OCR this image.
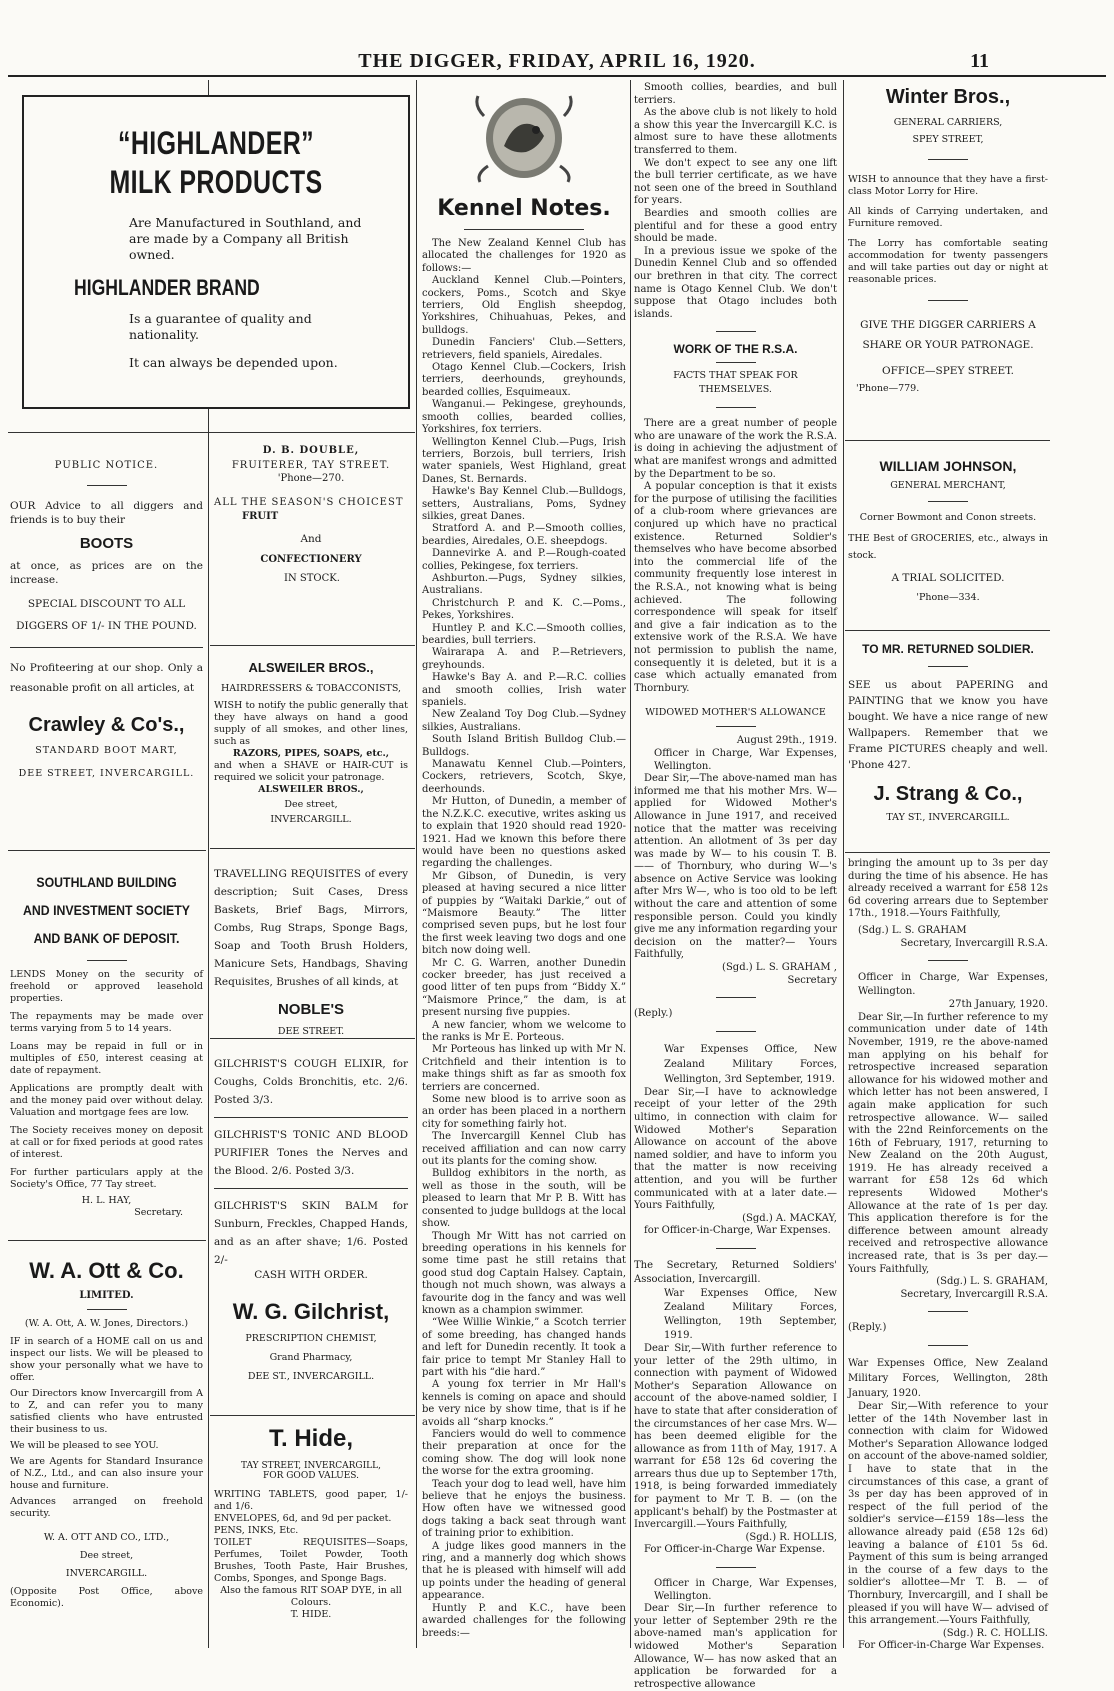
THE DIGGER, FRIDAY, APRIL 16, 1920.	11
“HIGHLANDER”
MILK PRODUCTS
Are Manufactured in Southland, and are made by a Company all British owned.
HIGHLANDER BRAND
Is a guarantee of quality and nationality.
It can always be depended upon.

PUBLIC NOTICE.

OUR Advice to all diggers and friends is to buy their

BOOTS

at once, as prices are on the increase.

SPECIAL DISCOUNT TO ALL DIGGERS OF 1/- IN THE POUND.

No Profiteering at our shop. Only a reasonable profit on all articles, at

Crawley & Co's.,

STANDARD BOOT MART,

DEE STREET, INVERCARGILL.

SOUTHLAND BUILDING AND INVESTMENT SOCIETY AND BANK OF DEPOSIT.

LENDS Money on the security of freehold or approved leasehold properties.

The repayments may be made over terms varying from 5 to 14 years.

Loans may be repaid in full or in multiples of £50, interest ceasing at date of repayment.

Applications are promptly dealt with and the money paid over without delay. Valuation and mortgage fees are low.

The Society receives money on deposit at call or for fixed periods at good rates of interest.

For further particulars apply at the Society's Office, 77 Tay street.

H. L. HAY,

Secretary.

W. A. Ott & Co.

LIMITED.

(W. A. Ott, A. W. Jones, Directors.)

IF in search of a HOME call on us and inspect our lists. We will be pleased to show your personally what we have to offer.

Our Directors know Invercargill from A to Z, and can refer you to many satisfied clients who have entrusted their business to us.

We will be pleased to see YOU.

We are Agents for Standard Insurance of N.Z., Ltd., and can also insure your house and furniture.

Advances arranged on freehold security.

W. A. OTT AND CO., LTD.,

Dee street,

INVERCARGILL.

(Opposite Post Office, above Economic).

D. B. DOUBLE,

FRUITERER, TAY STREET.

'Phone—270.

ALL THE SEASON'S CHOICEST

FRUIT

And

CONFECTIONERY

IN STOCK.

ALSWEILER BROS.,

HAIRDRESSERS & TOBACCONISTS,

WISH to notify the public generally that they have always on hand a good supply of all smokes, and other lines, such as

RAZORS, PIPES, SOAPS, etc.,

and when a SHAVE or HAIR-CUT is required we solicit your patronage.

ALSWEILER BROS.,

Dee street,

INVERCARGILL.

TRAVELLING REQUISITES of every description; Suit Cases, Dress Baskets, Brief Bags, Mirrors, Combs, Rug Straps, Sponge Bags, Soap and Tooth Brush Holders, Manicure Sets, Handbags, Shaving Requisites, Brushes of all kinds, at

NOBLE'S

DEE STREET.

GILCHRIST'S COUGH ELIXIR, for Coughs, Colds Bronchitis, etc. 2/6. Posted 3/3.

GILCHRIST'S TONIC AND BLOOD PURIFIER Tones the Nerves and the Blood. 2/6. Posted 3/3.

GILCHRIST'S SKIN BALM for Sunburn, Freckles, Chapped Hands, and as an after shave; 1/6. Posted 2/-

CASH WITH ORDER.

W. G. Gilchrist,

PRESCRIPTION CHEMIST,

Grand Pharmacy,

DEE ST., INVERCARGILL.

T. Hide,

TAY STREET, INVERCARGILL,

FOR GOOD VALUES.

WRITING TABLETS, good paper, 1/- and 1/6.

ENVELOPES, 6d, and 9d per packet.

PENS, INKS, Etc.

TOILET REQUISITES—Soaps, Perfumes, Toilet Powder, Tooth Brushes, Tooth Paste, Hair Brushes, Combs, Sponges, and Sponge Bags.

Also the famous RIT SOAP DYE, in all Colours.

T. HIDE.

Kennel Notes.

The New Zealand Kennel Club has allocated the challenges for 1920 as follows:—

Auckland Kennel Club.—Pointers, cockers, Poms., Scotch and Skye terriers, Old English sheepdog, Yorkshires, Chihuahuas, Pekes, and bulldogs.

Dunedin Fanciers' Club.—Setters, retrievers, field spaniels, Airedales.

Otago Kennel Club.—Cockers, Irish terriers, deerhounds, greyhounds, bearded collies, Esquimeaux.

Wanganui.— Pekingese, greyhounds, smooth collies, bearded collies, Yorkshires, fox terriers.

Wellington Kennel Club.—Pugs, Irish terriers, Borzois, bull terriers, Irish water spaniels, West Highland, great Danes, St. Bernards.

Hawke's Bay Kennel Club.—Bulldogs, setters, Australians, Poms, Sydney silkies, great Danes.

Stratford A. and P.—Smooth collies, beardies, Airedales, O.E. sheepdogs.

Dannevirke A. and P.—Rough-coated collies, Pekingese, fox terriers.

Ashburton.—Pugs, Sydney silkies, Australians.

Christchurch P. and K. C.—Poms., Pekes, Yorkshires.

Huntley P. and K.C.—Smooth collies, beardies, bull terriers.

Wairarapa A. and P.—Retrievers, greyhounds.

Hawke's Bay A. and P.—R.C. collies and smooth collies, Irish water spaniels.

New Zealand Toy Dog Club.—Sydney silkies, Australians.

South Island British Bulldog Club.—Bulldogs.

Manawatu Kennel Club.—Pointers, Cockers, retrievers, Scotch, Skye, deerhounds.

Mr Hutton, of Dunedin, a member of the N.Z.K.C. executive, writes asking us to explain that 1920 should read 1920-1921. Had we known this before there would have been no questions asked regarding the challenges.

Mr Gibson, of Dunedin, is very pleased at having secured a nice litter of puppies by “Waitaki Darkie,” out of “Maismore Beauty.” The litter comprised seven pups, but he lost four the first week leaving two dogs and one bitch now doing well.

Mr C. G. Warren, another Dunedin cocker breeder, has just received a good litter of ten pups from “Biddy X.” “Maismore Prince,” the dam, is at present nursing five puppies.

A new fancier, whom we welcome to the ranks is Mr E. Porteous.

Mr Porteous has linked up with Mr N. Critchfield and their intention is to make things shift as far as smooth fox terriers are concerned.

Some new blood is to arrive soon as an order has been placed in a northern city for something fairly hot.

The Invercargill Kennel Club has received affiliation and can now carry out its plants for the coming show.

Bulldog exhibitors in the north, as well as those in the south, will be pleased to learn that Mr P. B. Witt has consented to judge bulldogs at the local show.

Though Mr Witt has not carried on breeding operations in his kennels for some time past he still retains that good stud dog Captain Halsey. Captain, though not much shown, was always a favourite dog in the fancy and was well known as a champion swimmer.

“Wee Willie Winkie,” a Scotch terrier of some breeding, has changed hands and left for Dunedin recently. It took a fair price to tempt Mr Stanley Hall to part with his “die hard.”

A young fox terrier in Mr Hall's kennels is coming on apace and should be very nice by show time, that is if he avoids all “sharp knocks.”

Fanciers would do well to commence their preparation at once for the coming show. The dog will look none the worse for the extra grooming.

Teach your dog to lead well, have him believe that he enjoys the business. How often have we witnessed good dogs taking a back seat through want of training prior to exhibition.

A judge likes good manners in the ring, and a mannerly dog which shows that he is pleased with himself will add up points under the heading of general appearance.

Huntly P. and K.C., have been awarded challenges for the following breeds:—

Smooth collies, beardies, and bull terriers.

As the above club is not likely to hold a show this year the Invercargill K.C. is almost sure to have these allotments transferred to them.

We don't expect to see any one lift the bull terrier certificate, as we have not seen one of the breed in Southland for years.

Beardies and smooth collies are plentiful and for these a good entry should be made.

In a previous issue we spoke of the Dunedin Kennel Club and so offended our brethren in that city. The correct name is Otago Kennel Club. We don't suppose that Otago includes both islands.

WORK OF THE R.S.A.

FACTS THAT SPEAK FOR THEMSELVES.

There are a great number of people who are unaware of the work the R.S.A. is doing in achieving the adjustment of what are manifest wrongs and admitted by the Department to be so.

A popular conception is that it exists for the purpose of utilising the facilities of a club-room where grievances are conjured up which have no practical existence. Returned Soldier's themselves who have become absorbed into the commercial life of the community frequently lose interest in the R.S.A., not knowing what is being achieved. The following correspondence will speak for itself and give a fair indication as to the extensive work of the R.S.A. We have not permission to publish the name, consequently it is deleted, but it is a case which actually emanated from Thornbury.

WIDOWED MOTHER'S ALLOWANCE

August 29th., 1919.

Officer in Charge, War Expenses, Wellington.

Dear Sir,—The above-named man has informed me that his mother Mrs. W— applied for Widowed Mother's Allowance in June 1917, and received notice that the matter was receiving attention. An allotment of 3s per day was made by W— to his cousin T. B. —— of Thornbury, who during W—'s absence on Active Service was looking after Mrs W—, who is too old to be left without the care and attention of some responsible person. Could you kindly give me any information regarding your decision on the matter?— Yours Faithfully,

(Sgd.) L. S. GRAHAM ,

Secretary

(Reply.)

War Expenses Office, New Zealand Military Forces, Wellington, 3rd September, 1919.

Dear Sir,—I have to acknowledge receipt of your letter of the 29th ultimo, in connection with claim for Widowed Mother's Separation Allowance on account of the above named soldier, and have to inform you that the matter is now receiving attention, and you will be further communicated with at a later date.— Yours Faithfully,

(Sgd.) A. MACKAY,

for Officer-in-Charge, War Expenses.

The Secretary, Returned Soldiers' Association, Invercargill.

War Expenses Office, New Zealand Military Forces, Wellington, 19th September, 1919.

Dear Sir,—With further reference to your letter of the 29th ultimo, in connection with payment of Widowed Mother's Separation Allowance on account of the above-named soldier, I have to state that after consideration of the circumstances of her case Mrs. W— has been deemed eligible for the allowance as from 11th of May, 1917. A warrant for £58 12s 6d covering the arrears thus due up to September 17th, 1918, is being forwarded immediately for payment to Mr T. B. — (on the applicant's behalf) by the Postmaster at Invercargill.—Yours Faithfully,

(Sgd.) R. HOLLIS,

For Officer-in-Charge War Expense.

Officer in Charge, War Expenses, Wellington.

Dear Sir,—In further reference to your letter of September 29th re the above-named man's application for widowed Mother's Separation Allowance, W— has now asked that an application be forwarded for a retrospective allowance

Winter Bros.,

GENERAL CARRIERS,

SPEY STREET,

WISH to announce that they have a first-class Motor Lorry for Hire.

All kinds of Carrying undertaken, and Furniture removed.

The Lorry has comfortable seating accommodation for twenty passengers and will take parties out day or night at reasonable prices.

GIVE THE DIGGER CARRIERS A SHARE OR YOUR PATRONAGE.

OFFICE—SPEY STREET.

'Phone—779.

WILLIAM JOHNSON,

GENERAL MERCHANT,

Corner Bowmont and Conon streets.

THE Best of GROCERIES, etc., always in stock.

A TRIAL SOLICITED.

'Phone—334.

TO MR. RETURNED SOLDIER.

SEE us about PAPERING and PAINTING that we know you have bought. We have a nice range of new Wallpapers. Remember that we Frame PICTURES cheaply and well. 'Phone 427.

J. Strang & Co.,

TAY ST., INVERCARGILL.

bringing the amount up to 3s per day during the time of his absence. He has already received a warrant for £58 12s 6d covering arrears due to September 17th., 1918.—Yours Faithfully,

(Sdg.) L. S. GRAHAM

Secretary, Invercargill R.S.A.

Officer in Charge, War Expenses, Wellington.

27th January, 1920.

Dear Sir,—In further reference to my communication under date of 14th November, 1919, re the above-named man applying on his behalf for retrospective increased separation allowance for his widowed mother and which letter has not been answered, I again make application for such retrospective allowance. W— sailed with the 22nd Reinforcements on the 16th of February, 1917, returning to New Zealand on the 20th August, 1919. He has already received a warrant for £58 12s 6d which represents Widowed Mother's Allowance at the rate of 1s per day. This application therefore is for the difference between amount already received and retrospective allowance increased rate, that is 3s per day.—Yours Faithfully,

(Sdg.) L. S. GRAHAM,

Secretary, Invercargill R.S.A.

(Reply.)

War Expenses Office, New Zealand Military Forces, Wellington, 28th January, 1920.

Dear Sir,—With reference to your letter of the 14th November last in connection with claim for Widowed Mother's Separation Allowance lodged on account of the above-named soldier, I have to state that in the circumstances of this case, a grant of 3s per day has been approved of in respect of the full period of the soldier's service—£159 18s—less the allowance already paid (£58 12s 6d) leaving a balance of £101 5s 6d. Payment of this sum is being arranged in the course of a few days to the soldier's allottee—Mr T. B. — of Thornbury, Invercargill, and I shall be pleased if you will have W— advised of this arrangement.—Yours Faithfully,

(Sdg.) R. C. HOLLIS.

For Officer-in-Charge War Expenses.
